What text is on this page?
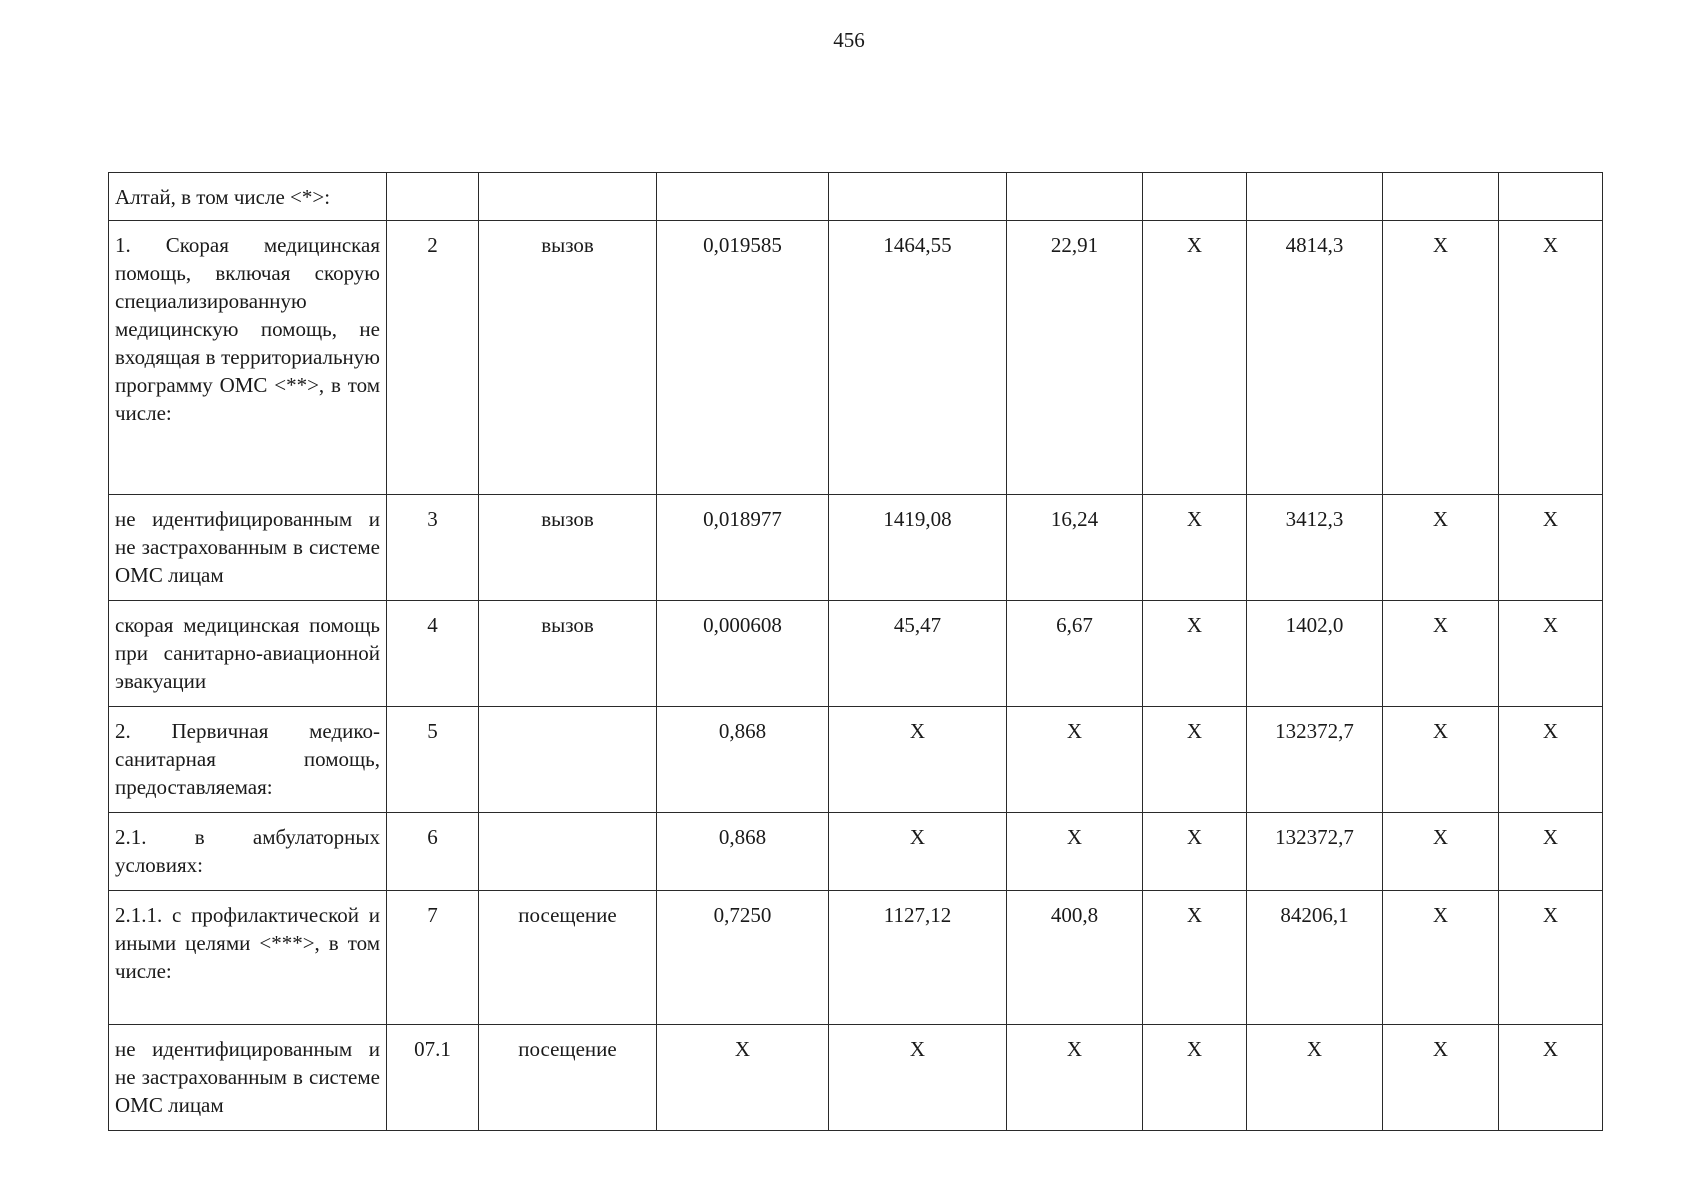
456
Алтай, в том числе <*>:									
1. Скорая медицинская помощь, включая скорую специализированную медицинскую помощь, не входящая в территориальную программу ОМС <**>, в том числе:	2	вызов	0,019585	1464,55	22,91	X	4814,3	X	X
не идентифицированным и не застрахованным в системе ОМС лицам	3	вызов	0,018977	1419,08	16,24	X	3412,3	X	X
скорая медицинская помощь при санитарно-авиационной эвакуации	4	вызов	0,000608	45,47	6,67	X	1402,0	X	X
2. Первичная медико-санитарная помощь, предоставляемая:	5		0,868	X	X	X	132372,7	X	X
2.1. в амбулаторных условиях:	6		0,868	X	X	X	132372,7	X	X
2.1.1. с профилактической и иными целями <***>, в том числе:	7	посещение	0,7250	1127,12	400,8	X	84206,1	X	X
не идентифицированным и не застрахованным в системе ОМС лицам	07.1	посещение	X	X	X	X	X	X	X
